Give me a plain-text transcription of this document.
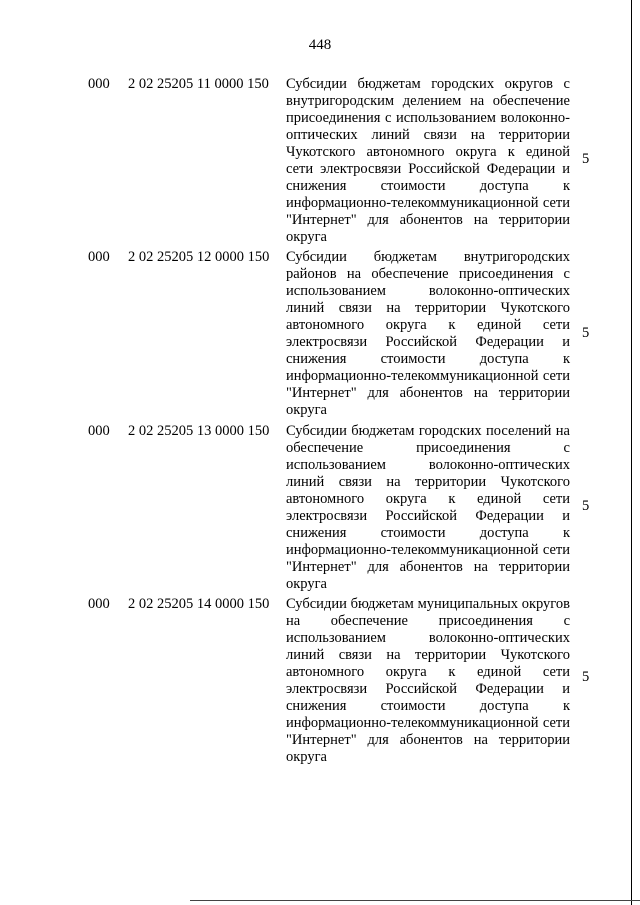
448
000 2 02 25205 11 0000 150 Субсидии бюджетам городских округов с внутригородским делением на обеспечение присоединения с использованием волоконно-оптических линий связи на территории Чукотского автономного округа к единой сети электросвязи Российской Федерации и снижения стоимости доступа к информационно-телекоммуникационной сети "Интернет" для абонентов на территории округа
5
000 2 02 25205 12 0000 150 Субсидии бюджетам внутригородских районов на обеспечение присоединения с использованием волоконно-оптических линий связи на территории Чукотского автономного округа к единой сети электросвязи Российской Федерации и снижения стоимости доступа к информационно-телекоммуникационной сети "Интернет" для абонентов на территории округа
5
000 2 02 25205 13 0000 150 Субсидии бюджетам городских поселений на обеспечение присоединения с использованием волоконно-оптических линий связи на территории Чукотского автономного округа к единой сети электросвязи Российской Федерации и снижения стоимости доступа к информационно-телекоммуникационной сети "Интернет" для абонентов на территории округа
5
000 2 02 25205 14 0000 150 Субсидии бюджетам муниципальных округов на обеспечение присоединения с использованием волоконно-оптических линий связи на территории Чукотского автономного округа к единой сети электросвязи Российской Федерации и снижения стоимости доступа к информационно-телекоммуникационной сети "Интернет" для абонентов на территории округа
5
